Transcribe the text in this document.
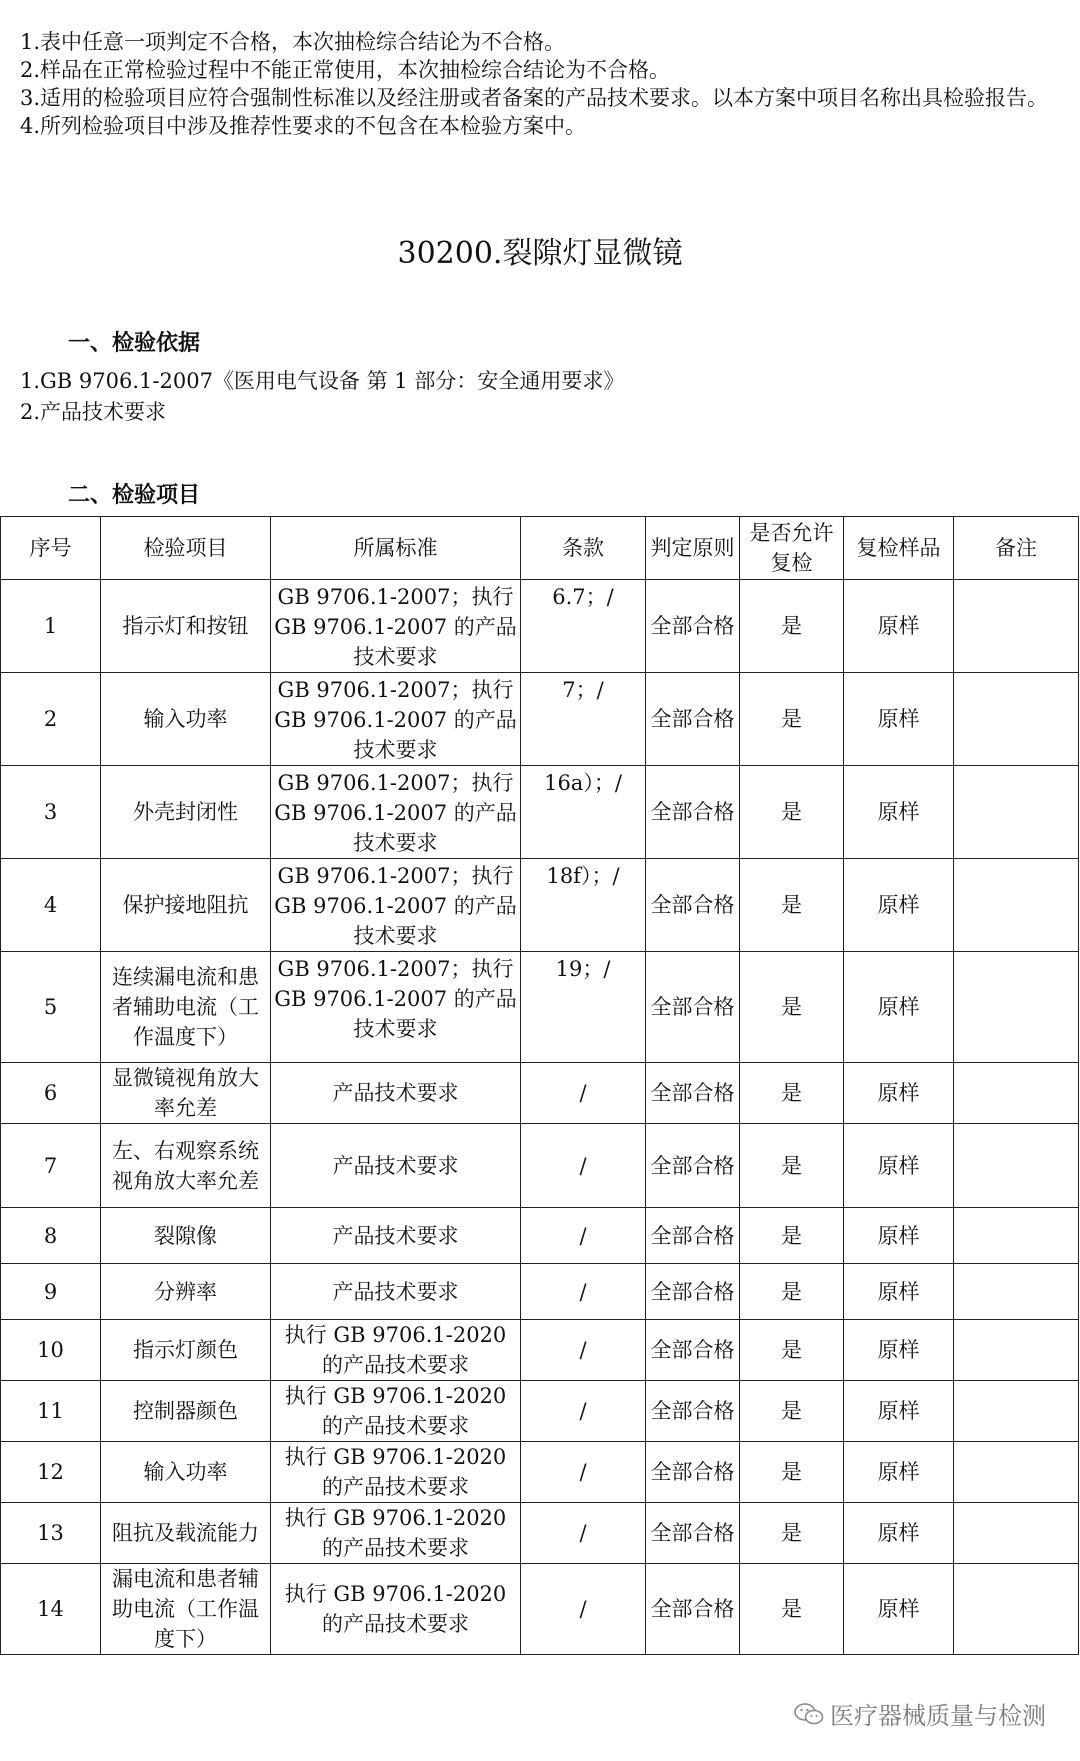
1.表中任意一项判定不合格，本次抽检综合结论为不合格。
2.样品在正常检验过程中不能正常使用，本次抽检综合结论为不合格。
3.适用的检验项目应符合强制性标准以及经注册或者备案的产品技术要求。以本方案中项目名称出具检验报告。
4.所列检验项目中涉及推荐性要求的不包含在本检验方案中。
30200.裂隙灯显微镜
一、检验依据
1.GB 9706.1-2007《医用电气设备 第 1 部分：安全通用要求》
2.产品技术要求
二、检验项目
序号	检验项目	所属标准	条款	判定原则	是否允许复检	复检样品	备注
1	指示灯和按钮	GB 9706.1-2007；执行 GB 9706.1-2007 的产品技术要求	6.7；/	全部合格	是	原样	
2	输入功率	GB 9706.1-2007；执行 GB 9706.1-2007 的产品技术要求	7；/	全部合格	是	原样	
3	外壳封闭性	GB 9706.1-2007；执行 GB 9706.1-2007 的产品技术要求	16a）；/	全部合格	是	原样	
4	保护接地阻抗	GB 9706.1-2007；执行 GB 9706.1-2007 的产品技术要求	18f）；/	全部合格	是	原样	
5	连续漏电流和患者辅助电流（工作温度下）	GB 9706.1-2007；执行 GB 9706.1-2007 的产品技术要求	19；/	全部合格	是	原样	
6	显微镜视角放大率允差	产品技术要求	/	全部合格	是	原样	
7	左、右观察系统视角放大率允差	产品技术要求	/	全部合格	是	原样	
8	裂隙像	产品技术要求	/	全部合格	是	原样	
9	分辨率	产品技术要求	/	全部合格	是	原样	
10	指示灯颜色	执行 GB 9706.1-2020 的产品技术要求	/	全部合格	是	原样	
11	控制器颜色	执行 GB 9706.1-2020 的产品技术要求	/	全部合格	是	原样	
12	输入功率	执行 GB 9706.1-2020 的产品技术要求	/	全部合格	是	原样	
13	阻抗及载流能力	执行 GB 9706.1-2020 的产品技术要求	/	全部合格	是	原样	
14	漏电流和患者辅助电流（工作温度下）	执行 GB 9706.1-2020 的产品技术要求	/	全部合格	是	原样	
医疗器械质量与检测
